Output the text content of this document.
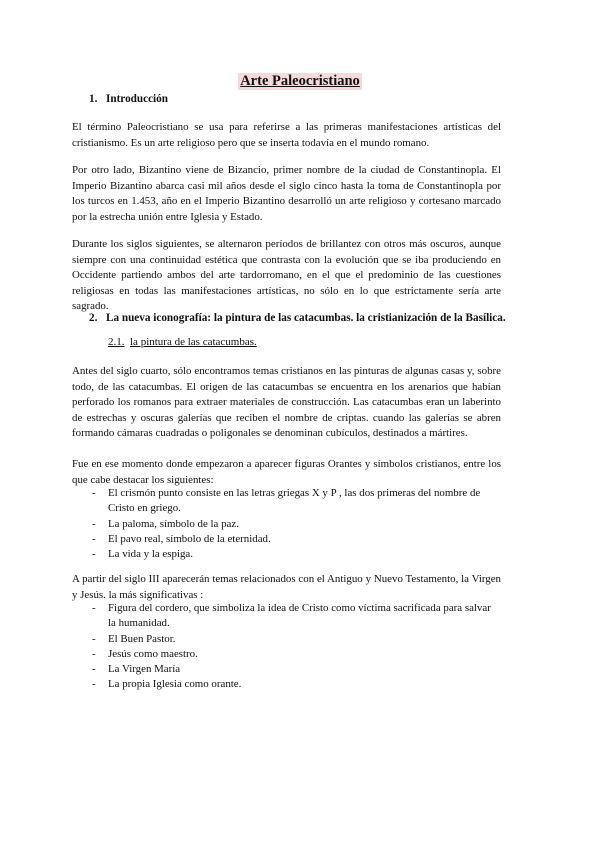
Arte Paleocristiano
1. Introducción

El término Paleocristiano se usa para referirse a las primeras manifestaciones artísticas del cristianismo. Es un arte religioso pero que se inserta todavía en el mundo romano.

Por otro lado, Bizantino viene de Bizancio, primer nombre de la ciudad de Constantinopla. El Imperio Bizantino abarca casi mil años desde el siglo cinco hasta la toma de Constantinopla por los turcos en 1.453, año en el Imperio Bizantino desarrolló un arte religioso y cortesano marcado por la estrecha unión entre Iglesia y Estado.

Durante los siglos siguientes, se alternaron períodos de brillantez con otros más oscuros, aunque siempre con una continuidad estética que contrasta con la evolución que se iba produciendo en Occidente partiendo ambos del arte tardorromano, en el que el predominio de las cuestiones religiosas en todas las manifestaciones artísticas, no sólo en lo que estrictamente sería arte sagrado.

2. La nueva iconografía: la pintura de las catacumbas. la cristianización de la Basílica.
2.1. la pintura de las catacumbas.

Antes del siglo cuarto, sólo encontramos temas cristianos en las pinturas de algunas casas y, sobre todo, de las catacumbas. El origen de las catacumbas se encuentra en los arenarios que habían perforado los romanos para extraer materiales de construcción. Las catacumbas eran un laberinto de estrechas y oscuras galerías que reciben el nombre de criptas. cuando las galerías se abren formando cámaras cuadradas o poligonales se denominan cubículos, destinados a mártires.

Fue en ese momento donde empezaron a aparecer figuras Orantes y símbolos cristianos, entre los que cabe destacar los siguientes:

- El crismón punto consiste en las letras griegas X y P , las dos primeras del nombre de Cristo en griego.
- La paloma, símbolo de la paz.
- El pavo real, símbolo de la eternidad.
- La vida y la espiga.

A partir del siglo III aparecerán temas relacionados con el Antiguo y Nuevo Testamento, la Virgen y Jesús. la más significativas :

- Figura del cordero, que simboliza la idea de Cristo como víctima sacrificada para salvar la humanidad.
- El Buen Pastor.
- Jesús como maestro.
- La Virgen María
- La propia Iglesia como orante.
